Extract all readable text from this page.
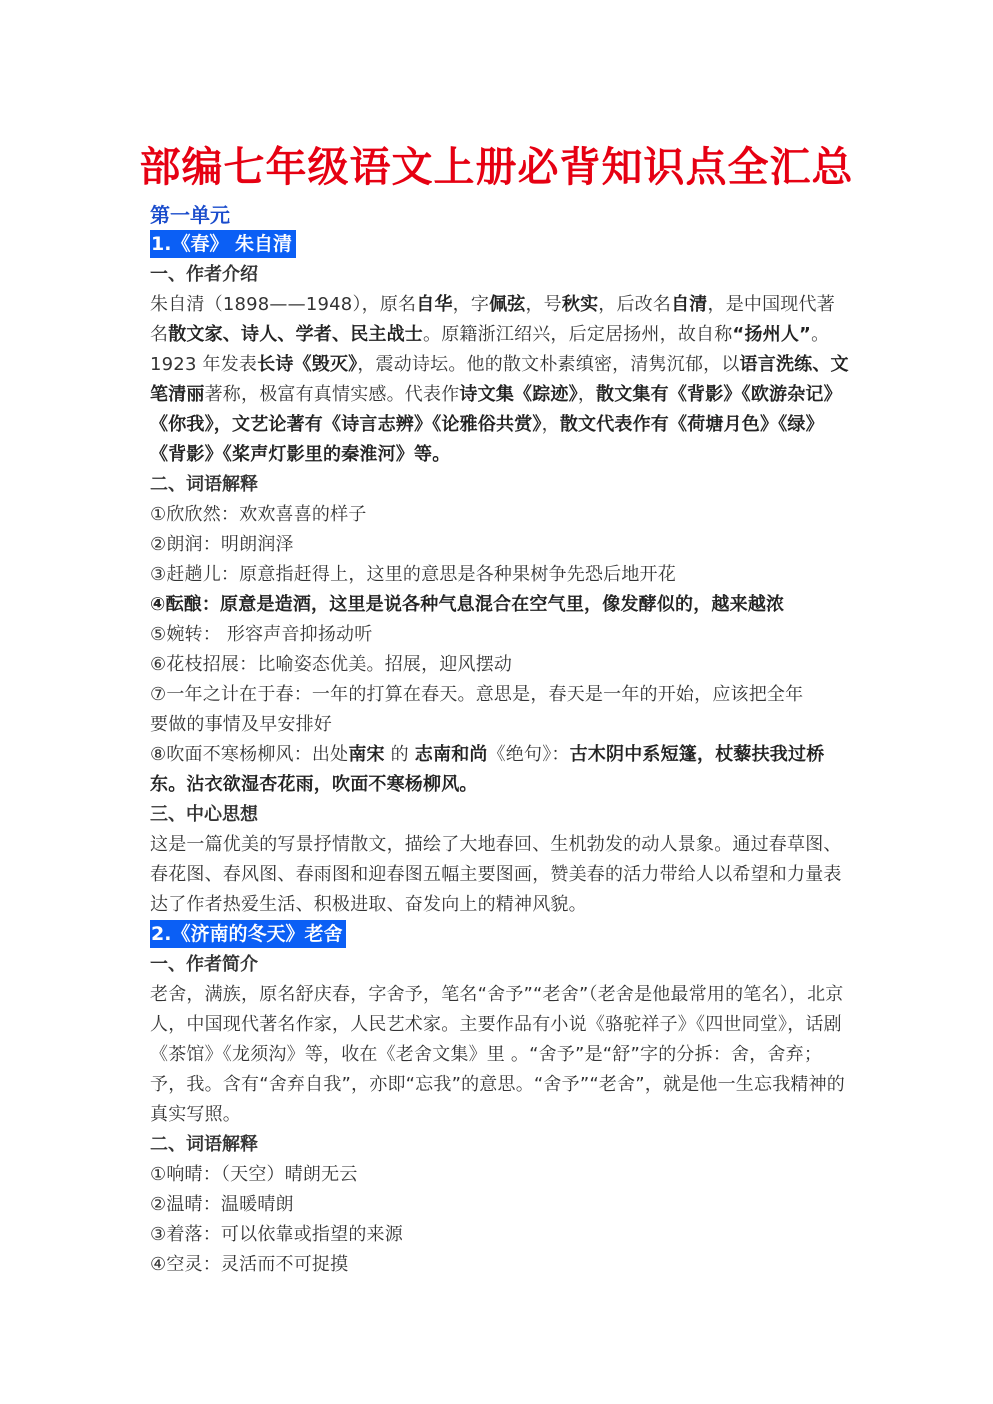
部编七年级语文上册必背知识点全汇总
第一单元
1.《春》 朱自清
一、作者介绍
朱自清（1898——1948），原名自华，字佩弦，号秋实，后改名自清，是中国现代著名散文家、诗人、学者、民主战士。原籍浙江绍兴，后定居扬州，故自称“扬州人”。1923 年发表长诗《毁灭》，震动诗坛。他的散文朴素缜密，清隽沉郁，以语言洗练、文笔清丽著称，极富有真情实感。代表作诗文集《踪迹》，散文集有《背影》《欧游杂记》《你我》，文艺论著有《诗言志辨》《论雅俗共赏》，散文代表作有《荷塘月色》《绿》《背影》《桨声灯影里的秦淮河》等。
二、词语解释
①欣欣然：欢欢喜喜的样子
②朗润：明朗润泽
③赶趟儿：原意指赶得上，这里的意思是各种果树争先恐后地开花
④酝酿：原意是造酒，这里是说各种气息混合在空气里，像发酵似的，越来越浓
⑤婉转： 形容声音抑扬动听
⑥花枝招展：比喻姿态优美。招展，迎风摆动
⑦一年之计在于春：一年的打算在春天。意思是，春天是一年的开始，应该把全年
要做的事情及早安排好
⑧吹面不寒杨柳风：出处南宋 的 志南和尚《绝句》：古木阴中系短篷，杖藜扶我过桥东。沾衣欲湿杏花雨，吹面不寒杨柳风。
三、中心思想
这是一篇优美的写景抒情散文，描绘了大地春回、生机勃发的动人景象。通过春草图、春花图、春风图、春雨图和迎春图五幅主要图画，赞美春的活力带给人以希望和力量表达了作者热爱生活、积极进取、奋发向上的精神风貌。
2.《济南的冬天》老舍
一、作者简介
老舍，满族，原名舒庆春，字舍予，笔名“舍予”“老舍”（老舍是他最常用的笔名），北京人，中国现代著名作家，人民艺术家。主要作品有小说《骆驼祥子》《四世同堂》，话剧《茶馆》《龙须沟》等，收在《老舍文集》里 。“舍予”是“舒”字的分拆：舍，舍弃；予，我。含有“舍弃自我”，亦即“忘我”的意思。“舍予”“老舍”，就是他一生忘我精神的真实写照。
二、词语解释
①响晴：（天空）晴朗无云
②温晴：温暖晴朗
③着落：可以依靠或指望的来源
④空灵：灵活而不可捉摸
